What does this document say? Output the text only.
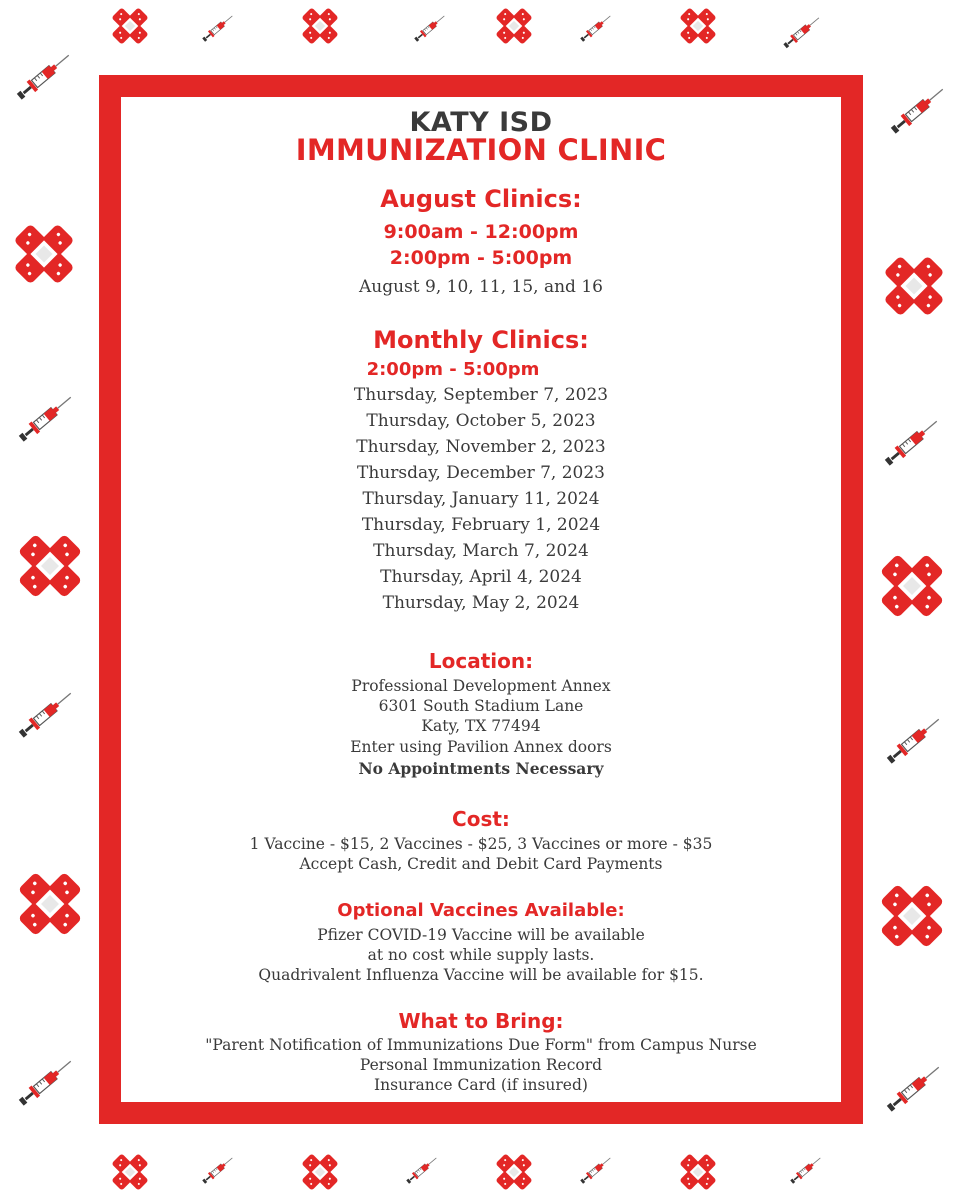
KATY ISD
IMMUNIZATION CLINIC
August Clinics:
9:00am - 12:00pm
2:00pm - 5:00pm
August 9, 10, 11, 15, and 16
Monthly Clinics:
2:00pm - 5:00pm
Thursday, September 7, 2023
Thursday, October 5, 2023
Thursday, November 2, 2023
Thursday, December 7, 2023
Thursday, January 11, 2024
Thursday, February 1, 2024
Thursday, March 7, 2024
Thursday, April 4, 2024
Thursday, May 2, 2024
Location:
Professional Development Annex
6301 South Stadium Lane
Katy, TX 77494
Enter using Pavilion Annex doors
No Appointments Necessary
Cost:
1 Vaccine - $15, 2 Vaccines - $25, 3 Vaccines or more - $35
Accept Cash, Credit and Debit Card Payments
Optional Vaccines Available:
Pfizer COVID-19 Vaccine will be available
at no cost while supply lasts.
Quadrivalent Influenza Vaccine will be available for $15.
What to Bring:
"Parent Notification of Immunizations Due Form" from Campus Nurse
Personal Immunization Record
Insurance Card (if insured)
